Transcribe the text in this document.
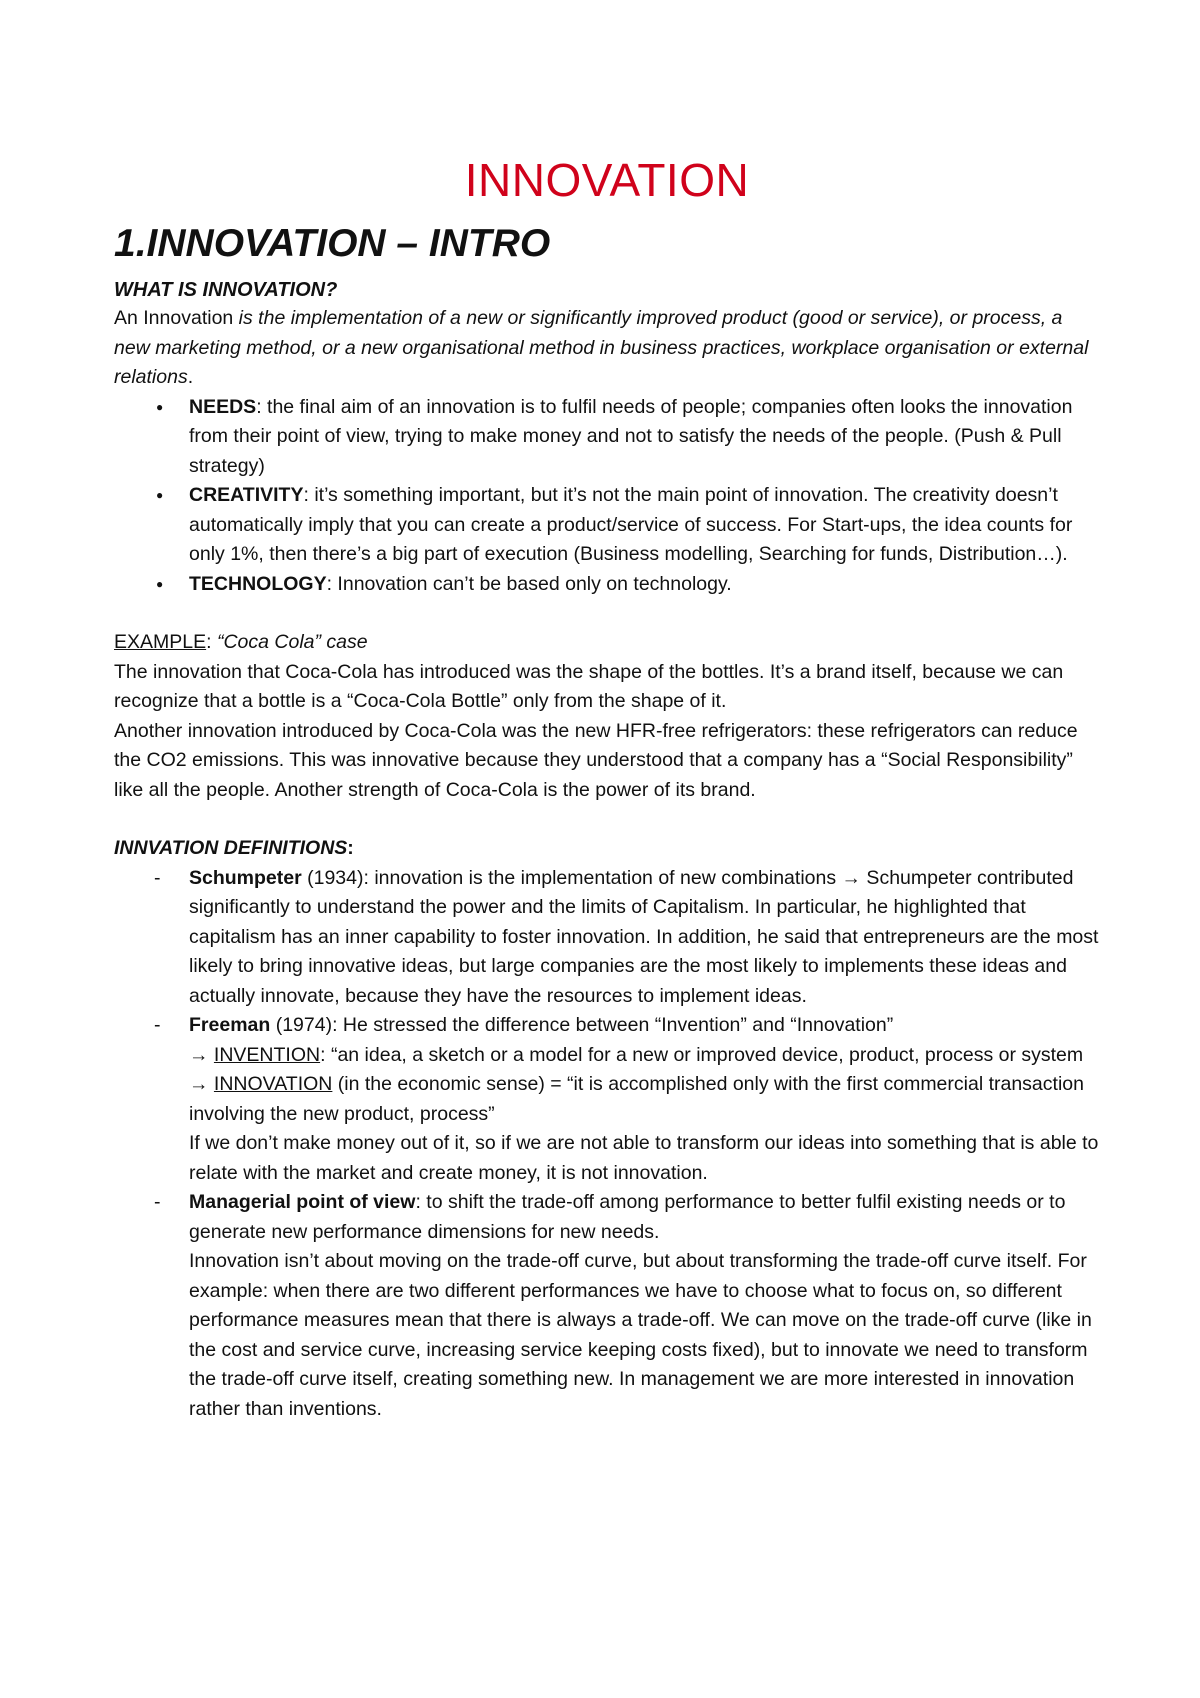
INNOVATION
1.INNOVATION – INTRO
WHAT IS INNOVATION?

An Innovation is the implementation of a new or significantly improved product (good or service), or process, a new marketing method, or a new organisational method in business practices, workplace organisation or external relations.

● NEEDS: the final aim of an innovation is to fulfil needs of people; companies often looks the innovation from their point of view, trying to make money and not to satisfy the needs of the people. (Push & Pull strategy)
● CREATIVITY: it’s something important, but it’s not the main point of innovation. The creativity doesn’t automatically imply that you can create a product/service of success. For Start-ups, the idea counts for only 1%, then there’s a big part of execution (Business modelling, Searching for funds, Distribution…).
● TECHNOLOGY: Innovation can’t be based only on technology.

EXAMPLE: “Coca Cola” case

The innovation that Coca-Cola has introduced was the shape of the bottles. It’s a brand itself, because we can recognize that a bottle is a “Coca-Cola Bottle” only from the shape of it.

Another innovation introduced by Coca-Cola was the new HFR-free refrigerators: these refrigerators can reduce the CO2 emissions. This was innovative because they understood that a company has a “Social Responsibility” like all the people. Another strength of Coca-Cola is the power of its brand.

INNVATION DEFINITIONS:

- Schumpeter (1934): innovation is the implementation of new combinations → Schumpeter contributed significantly to understand the power and the limits of Capitalism. In particular, he highlighted that capitalism has an inner capability to foster innovation. In addition, he said that entrepreneurs are the most likely to bring innovative ideas, but large companies are the most likely to implements these ideas and actually innovate, because they have the resources to implement ideas.
- Freeman (1974): He stressed the difference between “Invention” and “Innovation”
→ INVENTION: “an idea, a sketch or a model for a new or improved device, product, process or system
→ INNOVATION (in the economic sense) = “it is accomplished only with the first commercial transaction involving the new product, process”
If we don’t make money out of it, so if we are not able to transform our ideas into something that is able to relate with the market and create money, it is not innovation.
- Managerial point of view: to shift the trade-off among performance to better fulfil existing needs or to generate new performance dimensions for new needs.
Innovation isn’t about moving on the trade-off curve, but about transforming the trade-off curve itself. For example: when there are two different performances we have to choose what to focus on, so different performance measures mean that there is always a trade-off. We can move on the trade-off curve (like in the cost and service curve, increasing service keeping costs fixed), but to innovate we need to transform the trade-off curve itself, creating something new. In management we are more interested in innovation rather than inventions.
